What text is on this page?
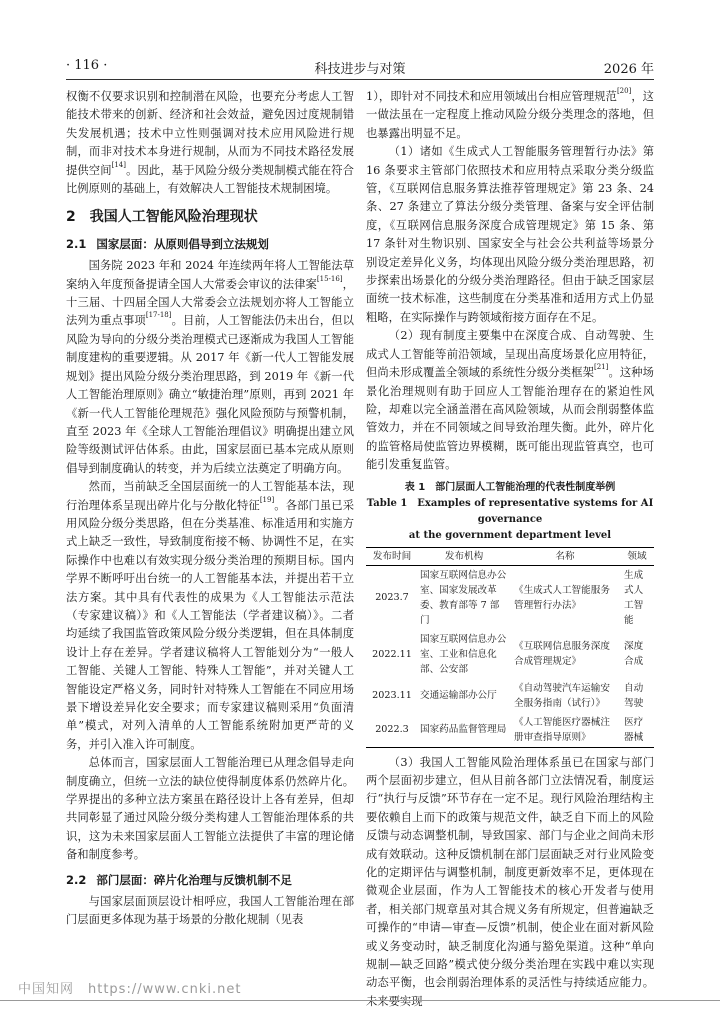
· 116 ·	科技进步与对策	2026 年

权衡不仅要求识别和控制潜在风险，也要充分考虑人工智能技术带来的创新、经济和社会效益，避免因过度规制错失发展机遇；技术中立性则强调对技术应用风险进行规制，而非对技术本身进行规制，从而为不同技术路径发展提供空间[14]。因此，基于风险分级分类规制模式能在符合比例原则的基础上，有效解决人工智能技术规制困境。

2 我国人工智能风险治理现状
2.1 国家层面：从原则倡导到立法规划

国务院 2023 年和 2024 年连续两年将人工智能法草案纳入年度预备提请全国人大常委会审议的法律案[15-16]，十三届、十四届全国人大常委会立法规划亦将人工智能立法列为重点事项[17-18]。目前，人工智能法仍未出台，但以风险为导向的分级分类治理模式已逐渐成为我国人工智能制度建构的重要逻辑。从 2017 年《新一代人工智能发展规划》提出风险分级分类治理思路，到 2019 年《新一代人工智能治理原则》确立“敏捷治理”原则，再到 2021 年《新一代人工智能伦理规范》强化风险预防与预警机制，直至 2023 年《全球人工智能治理倡议》明确提出建立风险等级测试评估体系。由此，国家层面已基本完成从原则倡导到制度确认的转变，并为后续立法奠定了明确方向。

然而，当前缺乏全国层面统一的人工智能基本法，现行治理体系呈现出碎片化与分散化特征[19]。各部门虽已采用风险分级分类思路，但在分类基准、标准适用和实施方式上缺乏一致性，导致制度衔接不畅、协调性不足，在实际操作中也难以有效实现分级分类治理的预期目标。国内学界不断呼吁出台统一的人工智能基本法，并提出若干立法方案。其中具有代表性的成果为《人工智能法示范法（专家建议稿）》和《人工智能法（学者建议稿）》。二者均延续了我国监管政策风险分级分类逻辑，但在具体制度设计上存在差异。学者建议稿将人工智能划分为“一般人工智能、关键人工智能、特殊人工智能”，并对关键人工智能设定严格义务，同时针对特殊人工智能在不同应用场景下增设差异化安全要求；而专家建议稿则采用“负面清单”模式，对列入清单的人工智能系统附加更严苛的义务，并引入准入许可制度。

总体而言，国家层面人工智能治理已从理念倡导走向制度确立，但统一立法的缺位使得制度体系仍然碎片化。学界提出的多种立法方案虽在路径设计上各有差异，但却共同彰显了通过风险分级分类构建人工智能治理体系的共识，这为未来国家层面人工智能立法提供了丰富的理论储备和制度参考。

2.2 部门层面：碎片化治理与反馈机制不足

与国家层面顶层设计相呼应，我国人工智能治理在部门层面更多体现为基于场景的分散化规制（见表

1），即针对不同技术和应用领域出台相应管理规范[20]，这一做法虽在一定程度上推动风险分级分类理念的落地，但也暴露出明显不足。

（1）诸如《生成式人工智能服务管理暂行办法》第 16 条要求主管部门依照技术和应用特点采取分类分级监管，《互联网信息服务算法推荐管理规定》第 23 条、24 条、27 条建立了算法分级分类管理、备案与安全评估制度，《互联网信息服务深度合成管理规定》第 15 条、第 17 条针对生物识别、国家安全与社会公共利益等场景分别设定差异化义务，均体现出风险分级分类治理思路，初步探索出场景化的分级分类治理路径。但由于缺乏国家层面统一技术标准，这些制度在分类基准和适用方式上仍显粗略，在实际操作与跨领域衔接方面存在不足。

（2）现有制度主要集中在深度合成、自动驾驶、生成式人工智能等前沿领域，呈现出高度场景化应用特征，但尚未形成覆盖全领域的系统性分级分类框架[21]。这种场景化治理规则有助于回应人工智能治理存在的紧迫性风险，却难以完全涵盖潜在高风险领域，从而会削弱整体监管效力，并在不同领域之间导致治理失衡。此外，碎片化的监管格局使监管边界模糊，既可能出现监管真空，也可能引发重复监管。

表 1　部门层面人工智能治理的代表性制度举例
Table 1　Examples of representative systems for AI governance
at the government department level
发布时间	发布机构	名称	领域
2023.7	国家互联网信息办公室、国家发展改革委、教育部等 7 部门	《生成式人工智能服务管理暂行办法》	生成式人工智能
2022.11	国家互联网信息办公室、工业和信息化部、公安部	《互联网信息服务深度合成管理规定》	深度合成
2023.11	交通运输部办公厅	《自动驾驶汽车运输安全服务指南（试行）》	自动驾驶
2022.3	国家药品监督管理局	《人工智能医疗器械注册审查指导原则》	医疗器械

（3）我国人工智能风险治理体系虽已在国家与部门两个层面初步建立，但从目前各部门立法情况看，制度运行“执行与反馈”环节存在一定不足。现行风险治理结构主要依赖自上而下的政策与规范文件，缺乏自下而上的风险反馈与动态调整机制，导致国家、部门与企业之间尚未形成有效联动。这种反馈机制在部门层面缺乏对行业风险变化的定期评估与调整机制，制度更新效率不足，更体现在微观企业层面，作为人工智能技术的核心开发者与使用者，相关部门规章虽对其合规义务有所规定，但普遍缺乏可操作的“申请—审查—反馈”机制，使企业在面对新风险或义务变动时，缺乏制度化沟通与豁免渠道。这种“单向规制—缺乏回路”模式使分级分类治理在实践中难以实现动态平衡，也会削弱治理体系的灵活性与持续适应能力。未来要实现

中国知网　https://www.cnki.net
